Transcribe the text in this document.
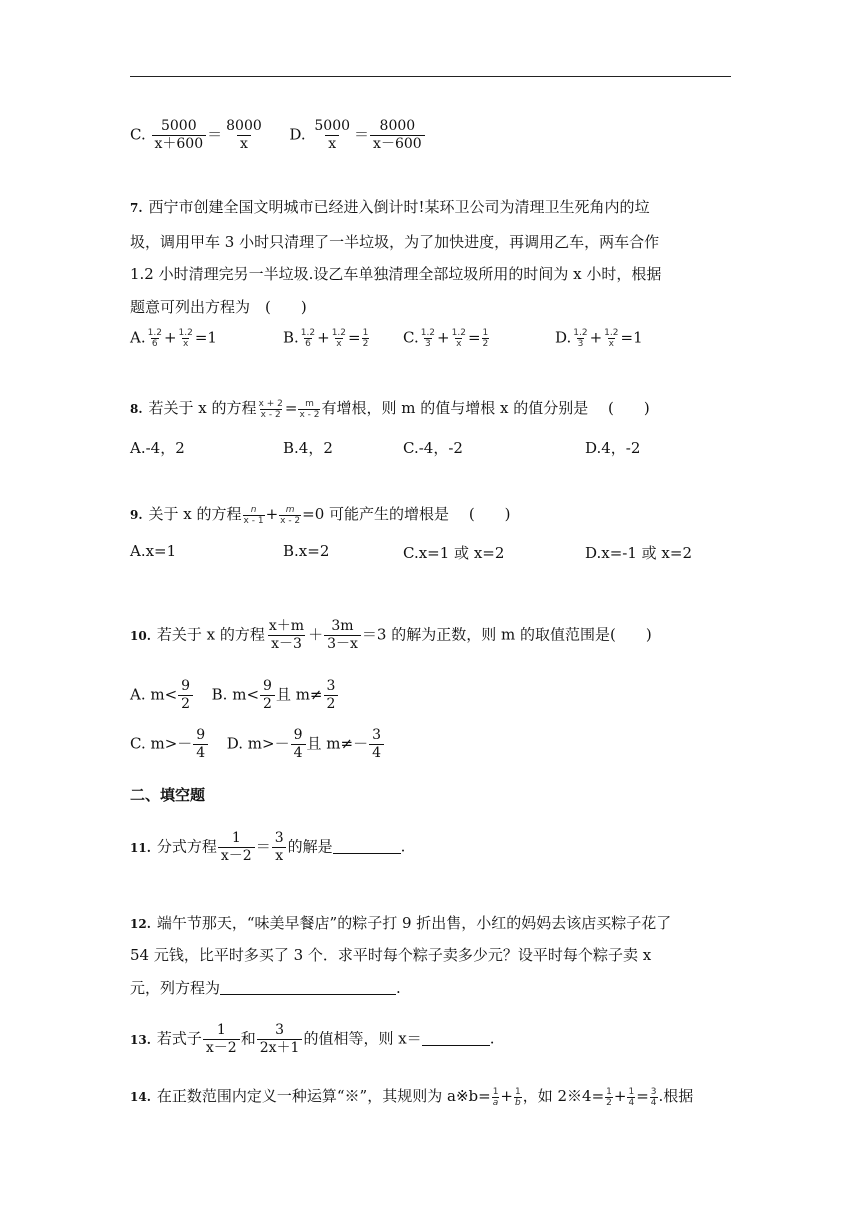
C. $\frac{5000}{x+600} = \frac{8000}{x} D$. $\frac{5000}{x} = \frac{8000}{x-600}$
7. 西宁市创建全国文明城市已经进入倒计时!某环卫公司为清理卫生死角内的垃
圾，调用甲车 3 小时只清理了一半垃圾，为了加快进度，再调用乙车，两车合作
1.2 小时清理完另一半垃圾.设乙车单独清理全部垃圾所用的时间为 x 小时，根据
题意可列出方程为　(　　)
A. $\frac{1.2}{6} + \frac{1.2}{x} =1$	B. $\frac{1.2}{6} + \frac{1.2}{x} = \frac{1}{2} C$. $\frac{1.2}{3} + \frac{1.2}{x} = \frac{1}{2}$	D. $\frac{1.2}{3} + \frac{1.2}{x} =1$
8. 若关于 x 的方程 $\frac{x + 2}{x - 2} = \frac{m}{x - 2}$ 有增根，则 m 的值与增根 x 的值分别是　 (　　)
A.-4，2	B.4，2	C.-4，-2	D.4，-2
9. 关于 x 的方程 $\frac{n}{x - 1} + \frac{m}{x - 2} =0$ 可能产生的增根是　 (　　)
A.x=1	B.x=2	C.x=1 或 x=2	D.x=-1 或 x=2
10. 若关于 x 的方程 $\frac{x+m}{x-3} + \frac{3m}{3-x} =3$ 的解为正数，则 m 的取值范围是(　　)
A. $m< \frac{9}{2} B$. $m< \frac{9}{2}$ 且 $m\ne \frac{3}{2}$
C. $m>- \frac{9}{4} D$. $m>- \frac{9}{4}$ 且 $m\ne- \frac{3}{4}$
二、填空题
11. 分式方程 $\frac{1}{x-2} = \frac{3}{x}$ 的解是	.
12. 端午节那天，“味美早餐店”的粽子打 9 折出售，小红的妈妈去该店买粽子花了
54 元钱，比平时多买了 3 个．求平时每个粽子卖多少元？设平时每个粽子卖 x
元，列方程为	.
13. 若式子 $\frac{1}{x-2}$ 和 $\frac{3}{2x+1}$ 的值相等，则 x＝	.
14. 在正数范围内定义一种运算“※”，其规则为 a※b= $\frac{1}{a} + \frac{1}{b}$ ，如 2※4= $\frac{1}{2} + \frac{1}{4} = \frac{3}{4}$ .根据
